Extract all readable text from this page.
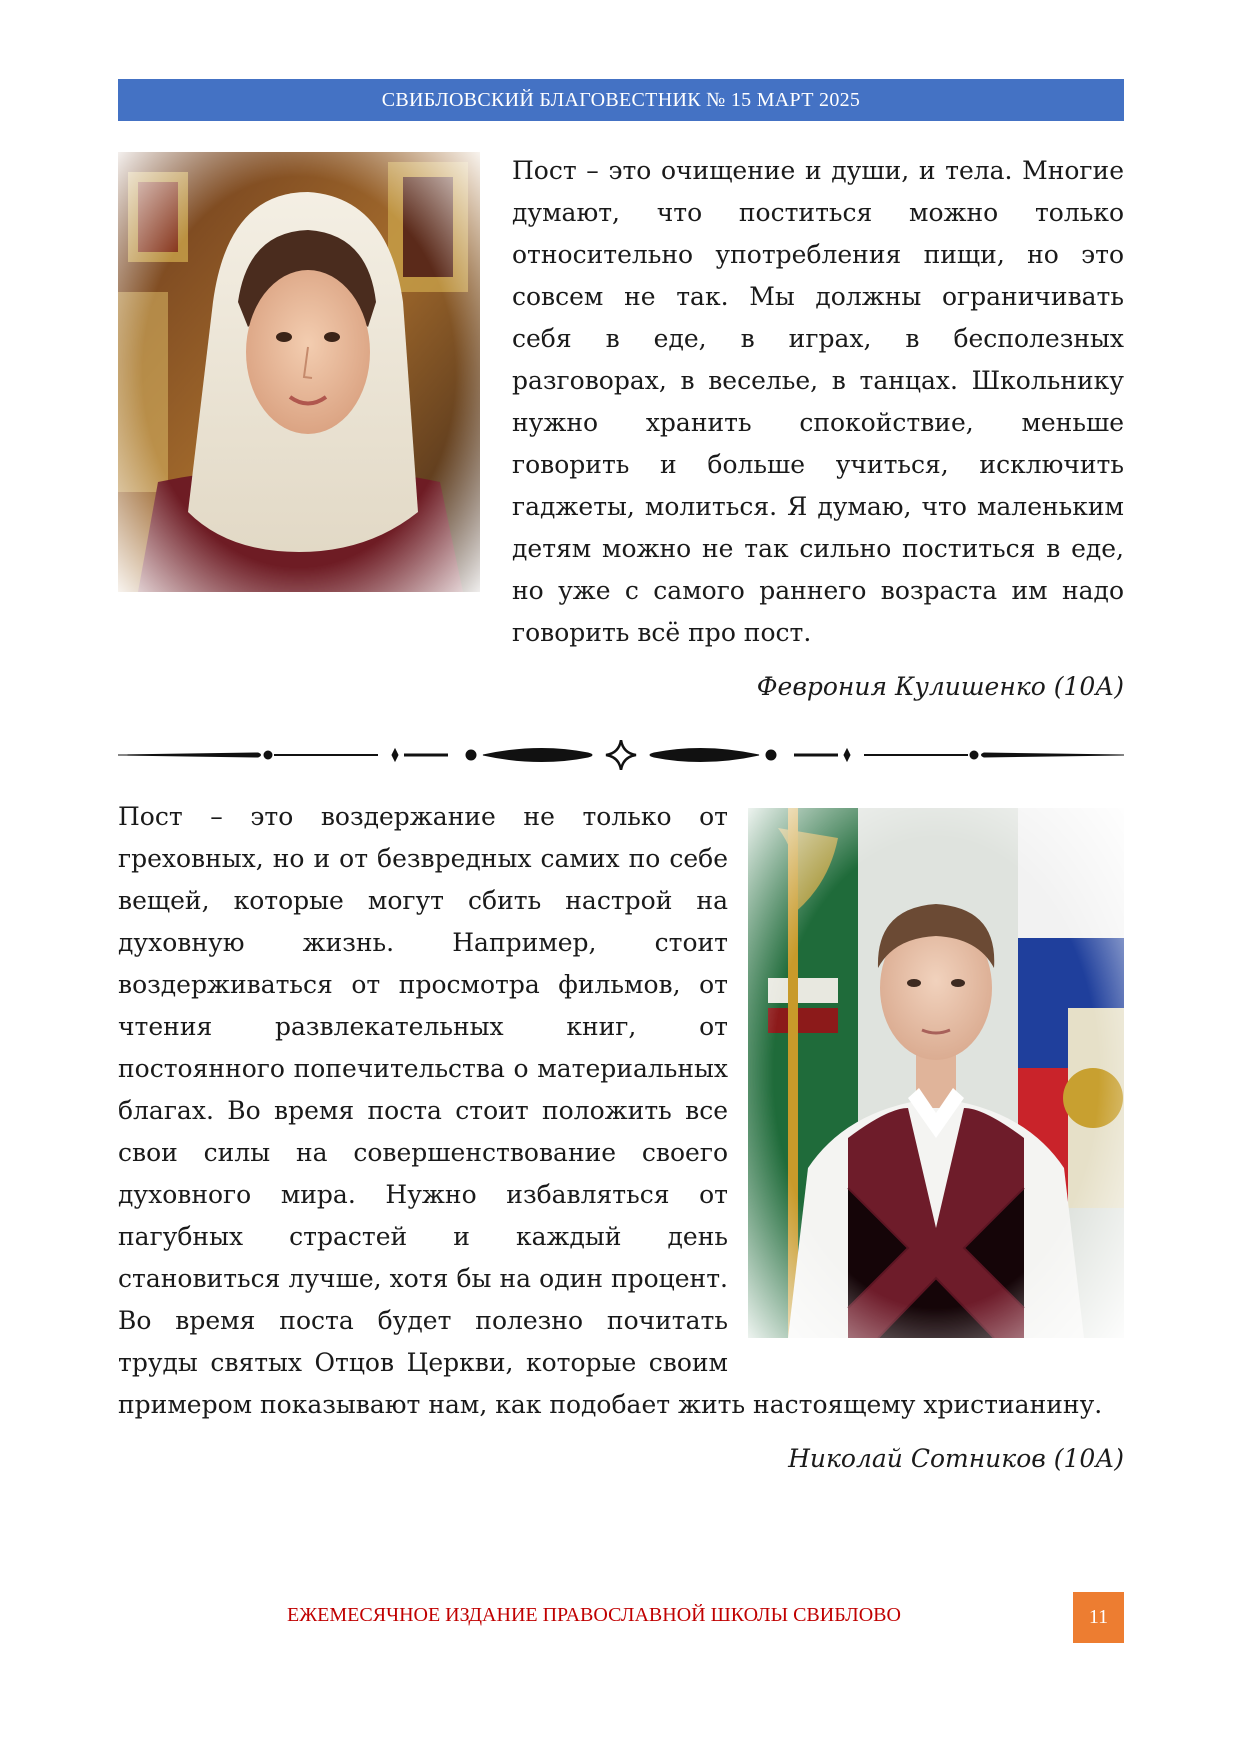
СВИБЛОВСКИЙ БЛАГОВЕСТНИК № 15 МАРТ 2025

Пост – это очищение и души, и тела. Многие думают, что поститься можно только относительно употребления пищи, но это совсем не так. Мы должны ограничивать себя в еде, в играх, в бесполезных разговорах, в веселье, в танцах. Школьнику нужно хранить спокойствие, меньше говорить и больше учиться, исключить гаджеты, молиться. Я думаю, что маленьким детям можно не так сильно поститься в еде, но уже с самого раннего возраста им надо говорить всё про пост.

Феврония Кулишенко (10А)

Пост – это воздержание не только от греховных, но и от безвредных самих по себе вещей, которые могут сбить настрой на духовную жизнь. Например, стоит воздерживаться от просмотра фильмов, от чтения развлекательных книг, от постоянного попечительства о материальных благах. Во время поста стоит положить все свои силы на совершенствование своего духовного мира. Нужно избавляться от пагубных страстей и каждый день становиться лучше, хотя бы на один процент. Во время поста будет полезно почитать труды святых Отцов Церкви, которые своим примером показывают нам, как подобает жить настоящему христианину.

Николай Сотников (10А)

ЕЖЕМЕСЯЧНОЕ ИЗДАНИЕ ПРАВОСЛАВНОЙ ШКОЛЫ СВИБЛОВО	11
